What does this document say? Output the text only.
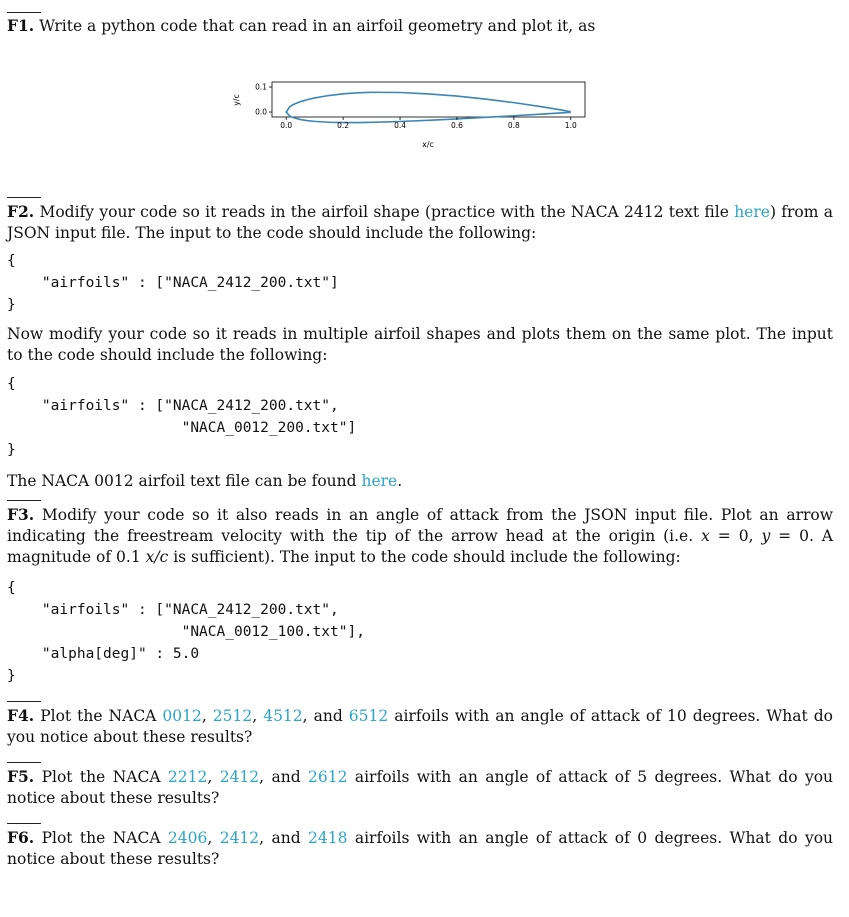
F1. Write a python code that can read in an airfoil geometry and plot it, as

0.0	0.2	0.4	0.6	0.8	1.0
0.0
0.1
x/c
y/c

F2. Modify your code so it reads in the airfoil shape (practice with the NACA 2412 text file here) from a JSON input file. The input to the code should include the following:

{
"airfoils" : ["NACA_2412_200.txt"]
}

Now modify your code so it reads in multiple airfoil shapes and plots them on the same plot. The input to the code should include the following:

{
"airfoils" : ["NACA_2412_200.txt",
"NACA_0012_200.txt"]
}

The NACA 0012 airfoil text file can be found here.

F3. Modify your code so it also reads in an angle of attack from the JSON input file. Plot an arrow indicating the freestream velocity with the tip of the arrow head at the origin (i.e. x = 0, y = 0. A magnitude of 0.1 x/c is sufficient). The input to the code should include the following:

{
"airfoils" : ["NACA_2412_200.txt",
"NACA_0012_100.txt"],
"alpha[deg]" : 5.0
}

F4. Plot the NACA 0012, 2512, 4512, and 6512 airfoils with an angle of attack of 10 degrees. What do you notice about these results?

F5. Plot the NACA 2212, 2412, and 2612 airfoils with an angle of attack of 5 degrees. What do you notice about these results?

F6. Plot the NACA 2406, 2412, and 2418 airfoils with an angle of attack of 0 degrees. What do you notice about these results?
